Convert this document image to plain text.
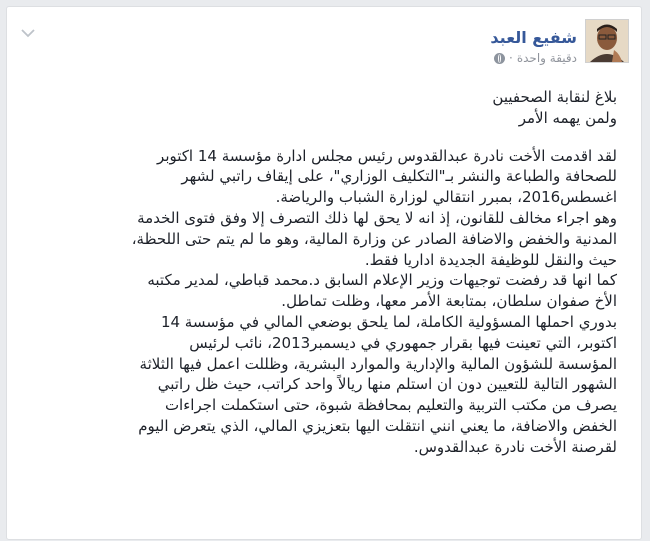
شفيع العبد
دقيقة واحدة
·
بلاغ لنقابة الصحفيين
ولمن يهمه الأمر
لقد اقدمت الأخت نادرة عبدالقدوس رئيس مجلس ادارة مؤسسة 14 اكتوبر
للصحافة والطباعة والنشر بـ"التكليف الوزاري"، على إيقاف راتبي لشهر
اغسطس2016، بمبرر انتقالي لوزارة الشباب والرياضة.
وهو اجراء مخالف للقانون، إذ انه لا يحق لها ذلك التصرف إلا وفق فتوى الخدمة
المدنية والخفض والاضافة الصادر عن وزارة المالية، وهو ما لم يتم حتى اللحظة،
حيث والنقل للوظيفة الجديدة اداريا فقط.
كما انها قد رفضت توجيهات وزير الإعلام السابق د.محمد قباطي، لمدير مكتبه
الأخ صفوان سلطان، بمتابعة الأمر معها، وظلت تماطل.
بدوري احملها المسؤولية الكاملة، لما يلحق بوضعي المالي في مؤسسة 14
اكتوبر، التي تعينت فيها بقرار جمهوري في ديسمبر2013، نائب لرئيس
المؤسسة للشؤون المالية والإدارية والموارد البشرية، وظللت اعمل فيها الثلاثة
الشهور التالية للتعيين دون ان استلم منها ريالاً واحد كراتب، حيث ظل راتبي
يصرف من مكتب التربية والتعليم بمحافظة شبوة، حتى استكملت اجراءات
الخفض والاضافة، ما يعني انني انتقلت اليها بتعزيزي المالي، الذي يتعرض اليوم
لقرصنة الأخت نادرة عبدالقدوس.
